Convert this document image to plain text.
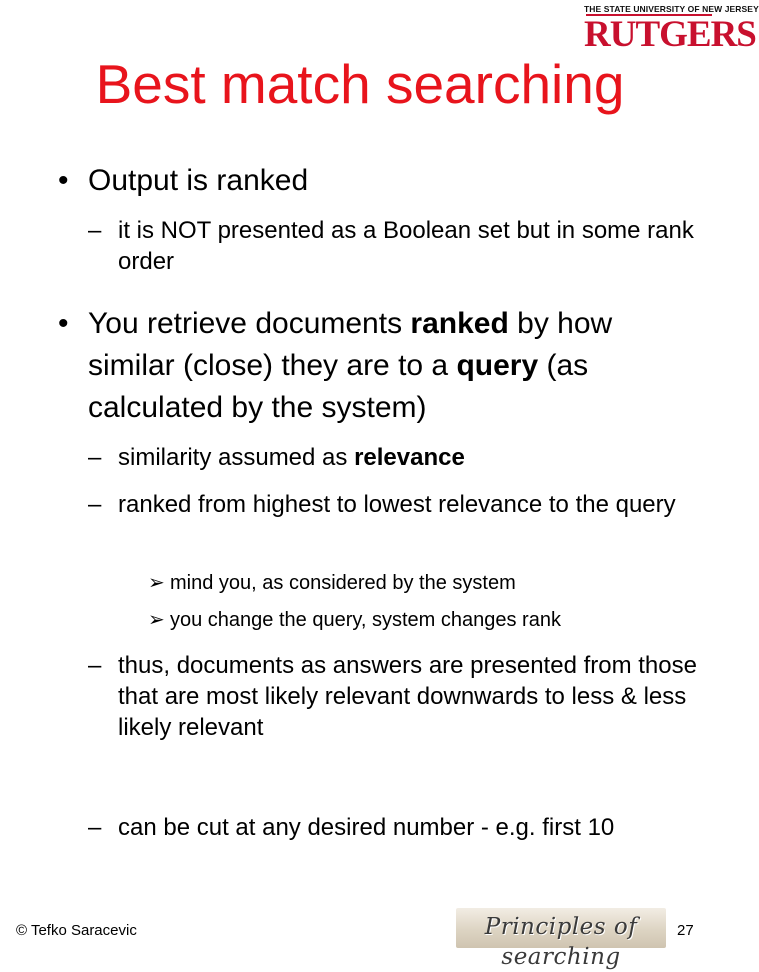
THE STATE UNIVERSITY OF NEW JERSEY
RUTGERS
Best match searching
• Output is ranked
– it is NOT presented as a Boolean set but in some rank order
• You retrieve documents ranked by how similar (close) they are to a query (as calculated by the system)
– similarity assumed as relevance
– ranked from highest to lowest relevance to the query
➢ mind you, as considered by the system
➢ you change the query, system changes rank
– thus, documents as answers are presented from those that are most likely relevant downwards to less & less likely relevant
– can be cut at any desired number - e.g. first 10
© Tefko Saracevic	Principles of searching
27
